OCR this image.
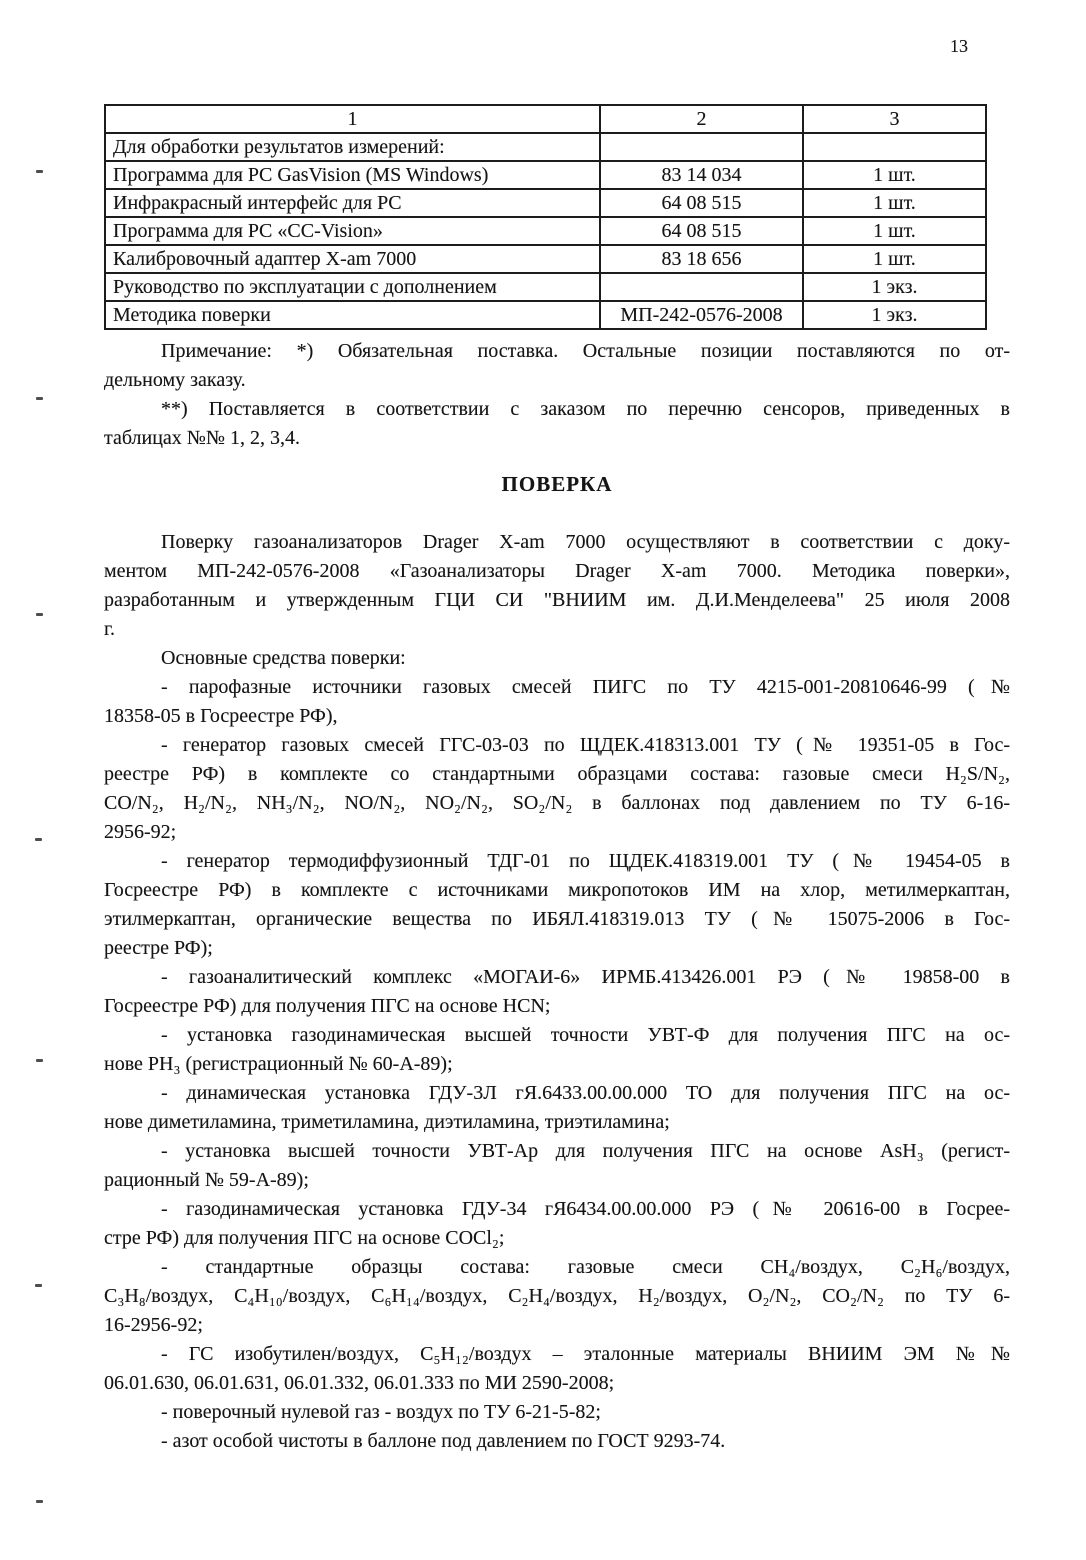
13
1	2	3
Для обработки результатов измерений:		
Программа для PC GasVision (MS Windows)	83 14 034	1 шт.
Инфракрасный интерфейс для PC	64 08 515	1 шт.
Программа для PC «CC-Vision»	64 08 515	1 шт.
Калибровочный адаптер X-am 7000	83 18 656	1 шт.
Руководство по эксплуатации с дополнением		1 экз.
Методика поверки	МП-242-0576-2008	1 экз.
Примечание: *) Обязательная поставка. Остальные позиции поставляются по от-
дельному заказу.
**) Поставляется в соответствии с заказом по перечню сенсоров, приведенных в
таблицах №№ 1, 2, 3,4.
ПОВЕРКА
Поверку газоанализаторов Drager X-am 7000 осуществляют в соответствии с доку-
ментом МП-242-0576-2008 «Газоанализаторы Drager X-am 7000. Методика поверки»,
разработанным и утвержденным ГЦИ СИ "ВНИИМ им. Д.И.Менделеева" 25 июля 2008
г.
Основные средства поверки:
- парофазные источники газовых смесей ПИГС по ТУ 4215-001-20810646-99 (№
18358-05 в Госреестре РФ),
- генератор газовых смесей ГГС-03-03 по ЩДЕК.418313.001 ТУ (№ 19351-05 в Гос-
реестре РФ) в комплекте со стандартными образцами состава: газовые смеси H₂S/N₂,
CO/N₂, H₂/N₂, NH₃/N₂, NO/N₂, NO₂/N₂, SO₂/N₂ в баллонах под давлением по ТУ 6-16-
2956-92;
- генератор термодиффузионный ТДГ-01 по ЩДЕК.418319.001 ТУ (№ 19454-05 в
Госреестре РФ) в комплекте с источниками микропотоков ИМ на хлор, метилмеркаптан,
этилмеркаптан, органические вещества по ИБЯЛ.418319.013 ТУ (№ 15075-2006 в Гос-
реестре РФ);
- газоаналитический комплекс «МОГАИ-6» ИРМБ.413426.001 РЭ (№ 19858-00 в
Госреестре РФ) для получения ПГС на основе HCN;
- установка газодинамическая высшей точности УВТ-Ф для получения ПГС на ос-
нове PH₃ (регистрационный № 60-А-89);
- динамическая установка ГДУ-3Л гЯ.6433.00.00.000 ТО для получения ПГС на ос-
нове диметиламина, триметиламина, диэтиламина, триэтиламина;
- установка высшей точности УВТ-Ар для получения ПГС на основе AsH₃ (регист-
рационный № 59-А-89);
- газодинамическая установка ГДУ-34 гЯ6434.00.00.000 РЭ (№ 20616-00 в Госрее-
стре РФ) для получения ПГС на основе COCl₂;
- стандартные образцы состава: газовые смеси CH₄/воздух, C₂H₆/воздух,
C₃H₈/воздух, C₄H₁₀/воздух, C₆H₁₄/воздух, C₂H₄/воздух, H₂/воздух, O₂/N₂, CO₂/N₂ по ТУ 6-
16-2956-92;
- ГС изобутилен/воздух, C₅H₁₂/воздух – эталонные материалы ВНИИМ ЭМ №№
06.01.630, 06.01.631, 06.01.332, 06.01.333 по МИ 2590-2008;
- поверочный нулевой газ - воздух по ТУ 6-21-5-82;
- азот особой чистоты в баллоне под давлением по ГОСТ 9293-74.
